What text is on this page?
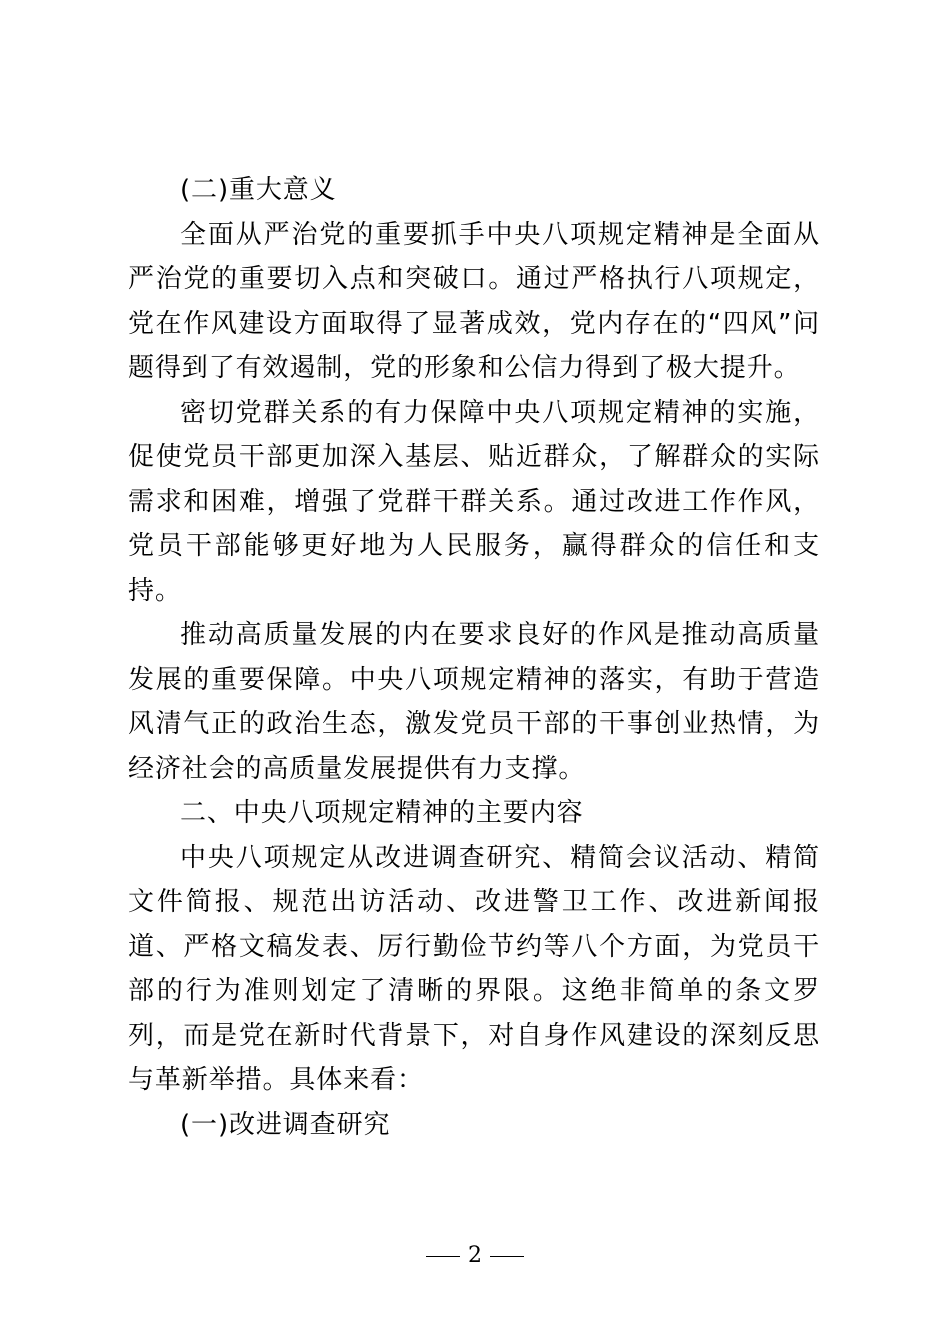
(二)重大意义

全面从严治党的重要抓手中央八项规定精神是全面从严治党的重要切入点和突破口。通过严格执行八项规定，党在作风建设方面取得了显著成效，党内存在的“四风”问题得到了有效遏制，党的形象和公信力得到了极大提升。

密切党群关系的有力保障中央八项规定精神的实施，促使党员干部更加深入基层、贴近群众，了解群众的实际需求和困难，增强了党群干群关系。通过改进工作作风，党员干部能够更好地为人民服务，赢得群众的信任和支持。

推动高质量发展的内在要求良好的作风是推动高质量发展的重要保障。中央八项规定精神的落实，有助于营造风清气正的政治生态，激发党员干部的干事创业热情，为经济社会的高质量发展提供有力支撑。

二、中央八项规定精神的主要内容

中央八项规定从改进调查研究、精简会议活动、精简文件简报、规范出访活动、改进警卫工作、改进新闻报道、严格文稿发表、厉行勤俭节约等八个方面，为党员干部的行为准则划定了清晰的界限。这绝非简单的条文罗列，而是党在新时代背景下，对自身作风建设的深刻反思与革新举措。具体来看：

(一)改进调查研究

2
